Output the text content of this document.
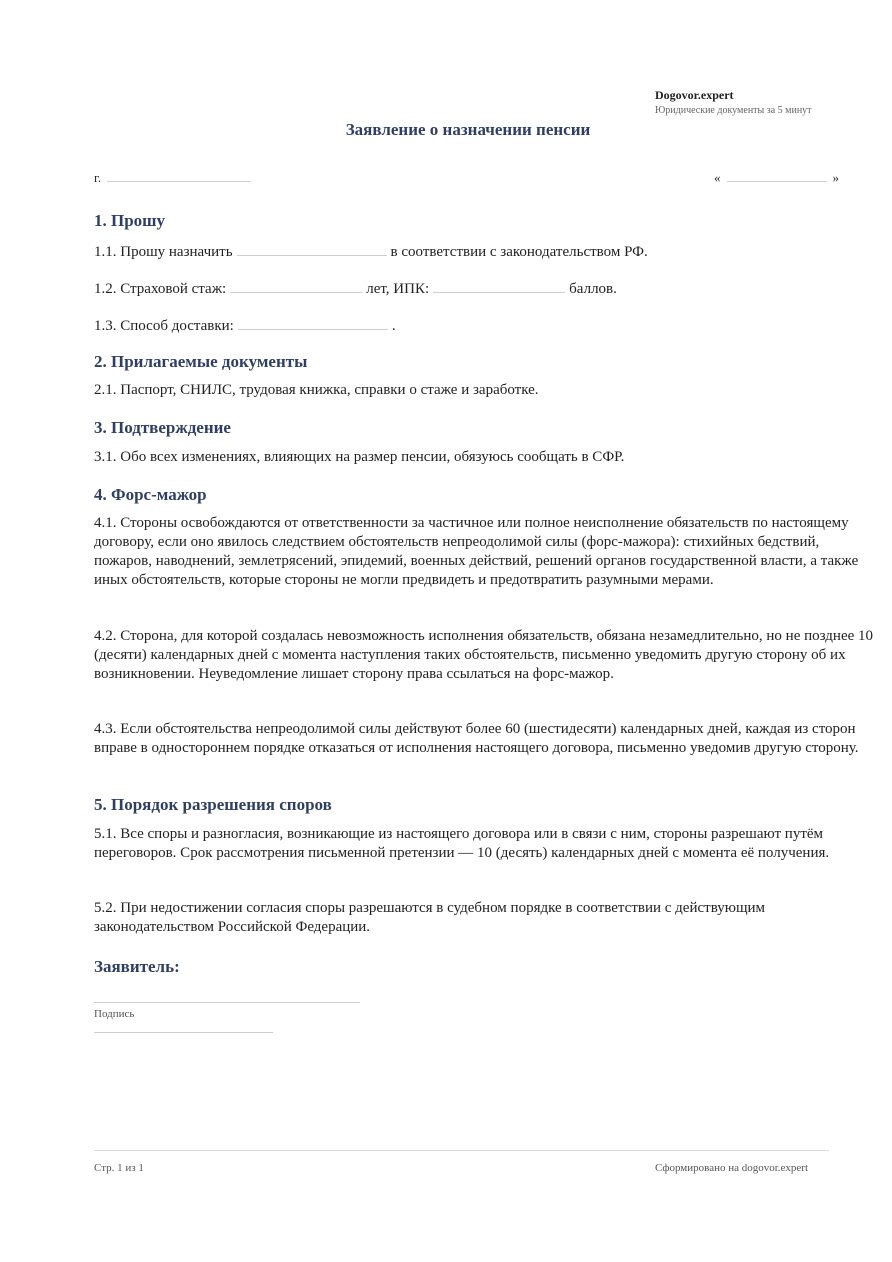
Dogovor.expert
Юридические документы за 5 минут
Заявление о назначении пенсии
г.	«	»
1. Прошу
1.1. Прошу назначить	в соответствии с законодательством РФ.
1.2. Страховой стаж:	лет, ИПК:	баллов.
1.3. Способ доставки:	.
2. Прилагаемые документы
2.1. Паспорт, СНИЛС, трудовая книжка, справки о стаже и заработке.
3. Подтверждение
3.1. Обо всех изменениях, влияющих на размер пенсии, обязуюсь сообщать в СФР.
4. Форс-мажор
4.1. Стороны освобождаются от ответственности за частичное или полное неисполнение обязательств по настоящему договору, если оно явилось следствием обстоятельств непреодолимой силы (форс-мажора): стихийных бедствий, пожаров, наводнений, землетрясений, эпидемий, военных действий, решений органов государственной власти, а также иных обстоятельств, которые стороны не могли предвидеть и предотвратить разумными мерами.
4.2. Сторона, для которой создалась невозможность исполнения обязательств, обязана незамедлительно, но не позднее 10 (десяти) календарных дней с момента наступления таких обстоятельств, письменно уведомить другую сторону об их возникновении. Неуведомление лишает сторону права ссылаться на форс-мажор.
4.3. Если обстоятельства непреодолимой силы действуют более 60 (шестидесяти) календарных дней, каждая из сторон вправе в одностороннем порядке отказаться от исполнения настоящего договора, письменно уведомив другую сторону.
5. Порядок разрешения споров
5.1. Все споры и разногласия, возникающие из настоящего договора или в связи с ним, стороны разрешают путём переговоров. Срок рассмотрения письменной претензии — 10 (десять) календарных дней с момента её получения.
5.2. При недостижении согласия споры разрешаются в судебном порядке в соответствии с действующим законодательством Российской Федерации.
Заявитель:
Подпись
Стр. 1 из 1	Сформировано на dogovor.expert
